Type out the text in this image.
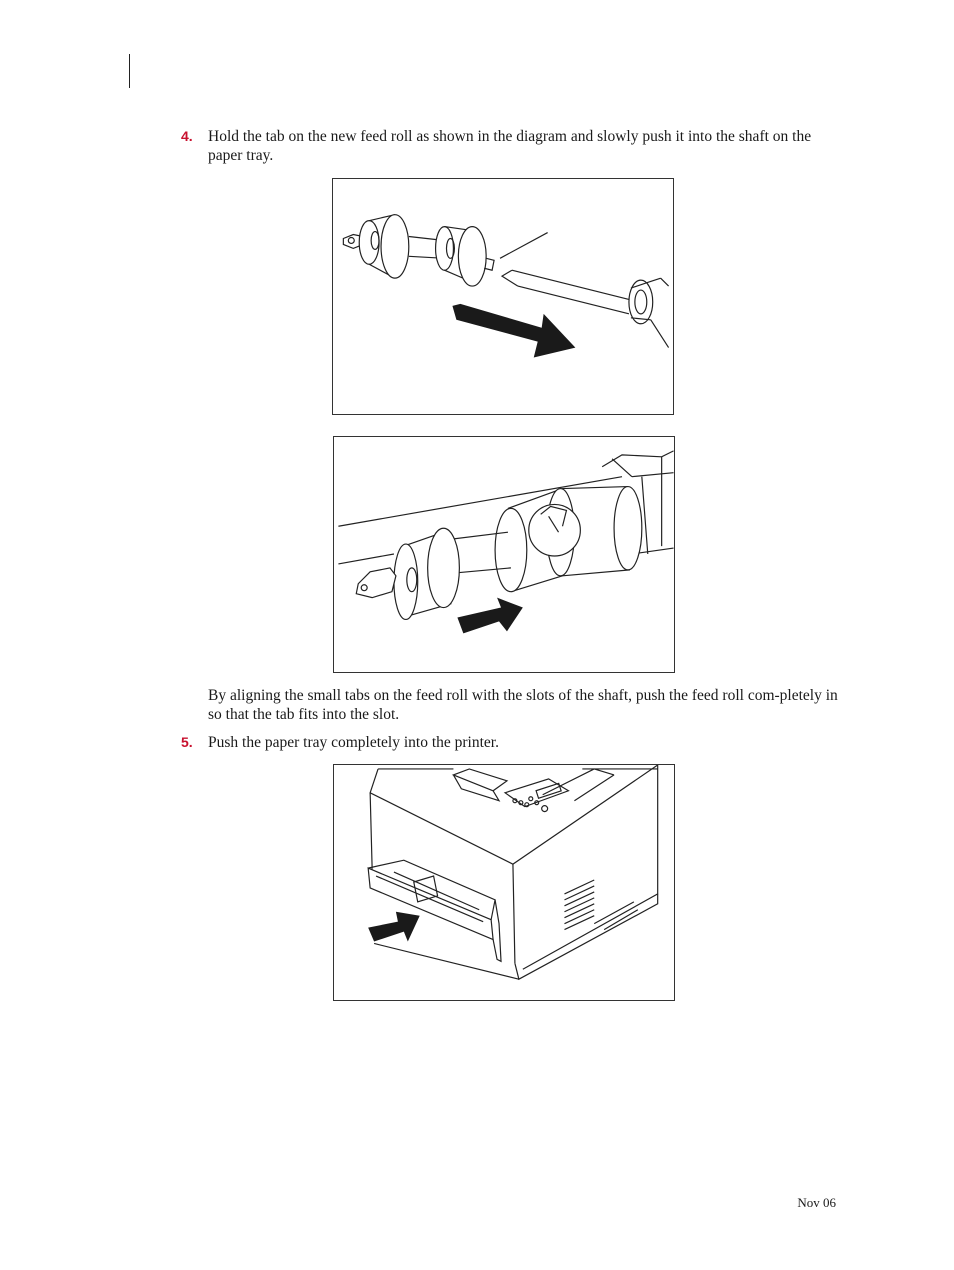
4. Hold the tab on the new feed roll as shown in the diagram and slowly push it into the shaft on the paper tray.
By aligning the small tabs on the feed roll with the slots of the shaft, push the feed roll com-pletely in so that the tab fits into the slot.
5. Push the paper tray completely into the printer.
Nov 06
